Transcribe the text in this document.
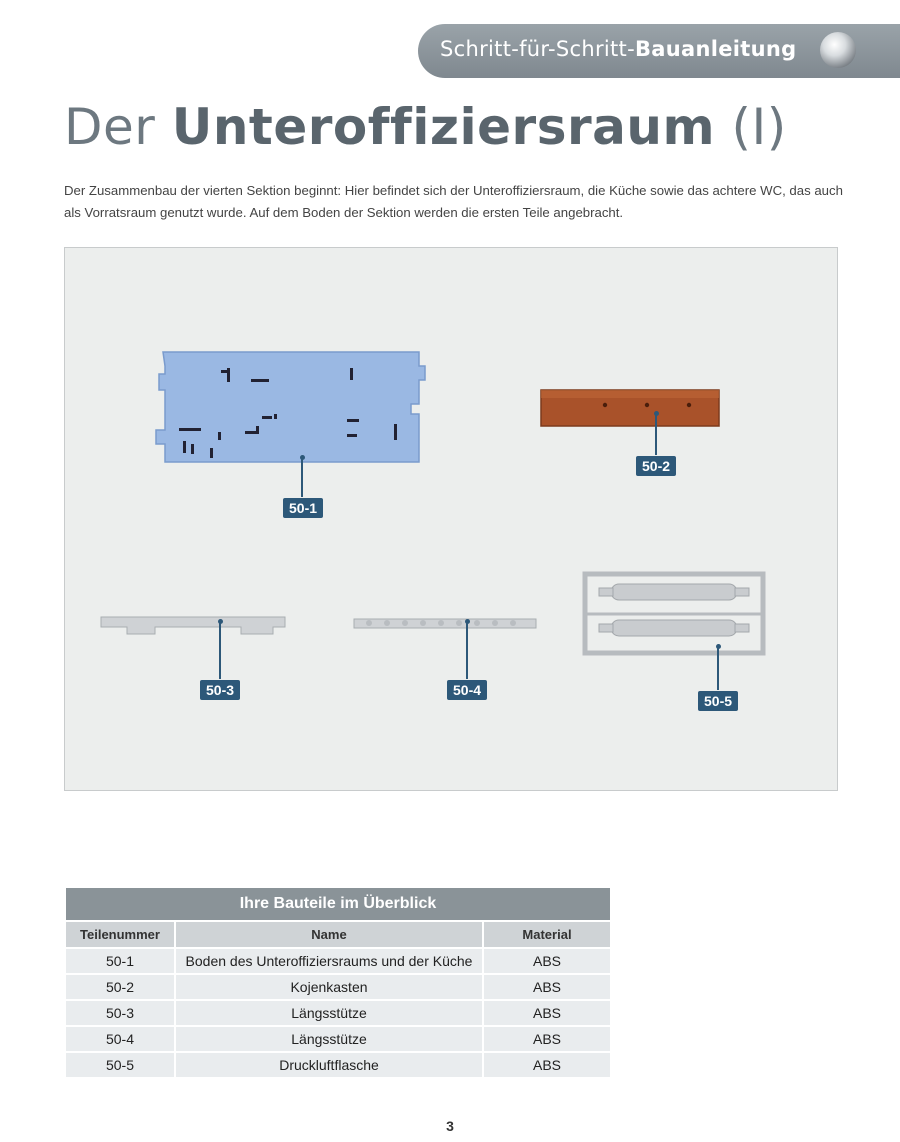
Schritt-für-Schritt-Bauanleitung
Der Unteroffiziersraum (I)

Der Zusammenbau der vierten Sektion beginnt: Hier befindet sich der Unteroffiziersraum, die Küche sowie das achtere WC, das auch als Vorratsraum genutzt wurde. Auf dem Boden der Sektion werden die ersten Teile angebracht.

50-1
50-2
50-3	50-4
50-5
Ihre Bauteile im Überblick		
Teilenummer	Name	Material
50-1	Boden des Unteroffiziersraums und der Küche	ABS
50-2	Kojenkasten	ABS
50-3	Längsstütze	ABS
50-4	Längsstütze	ABS
50-5	Druckluftflasche	ABS
3
